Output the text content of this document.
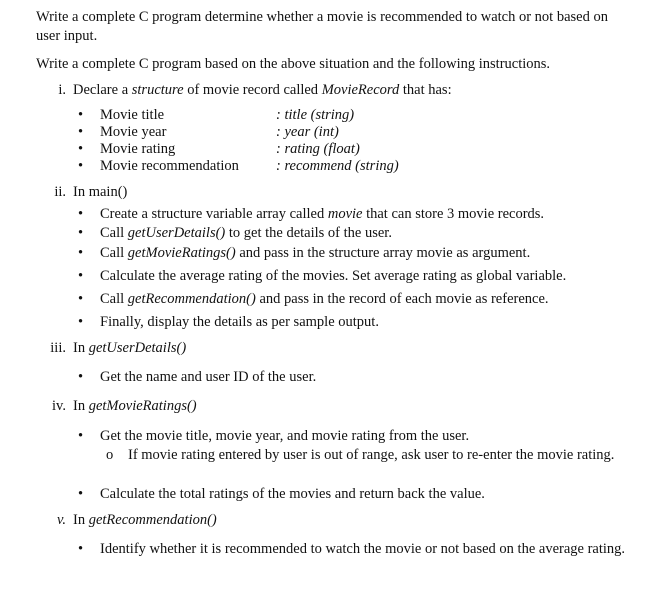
Write a complete C program determine whether a movie is recommended to watch or not based on user input.
Write a complete C program based on the above situation and the following instructions.
i. Declare a structure of movie record called MovieRecord that has:
• Movie title	: title (string)
• Movie year	: year (int)
• Movie rating	: rating (float)
• Movie recommendation	: recommend (string)
ii. In main()
• Create a structure variable array called movie that can store 3 movie records.
• Call getUserDetails() to get the details of the user.
• Call getMovieRatings() and pass in the structure array movie as argument.
• Calculate the average rating of the movies. Set average rating as global variable.
• Call getRecommendation() and pass in the record of each movie as reference.
• Finally, display the details as per sample output.
iii. In getUserDetails()
• Get the name and user ID of the user.
iv. In getMovieRatings()
• Get the movie title, movie year, and movie rating from the user.
o If movie rating entered by user is out of range, ask user to re-enter the movie rating.
• Calculate the total ratings of the movies and return back the value.
v. In getRecommendation()
• Identify whether it is recommended to watch the movie or not based on the average rating.
